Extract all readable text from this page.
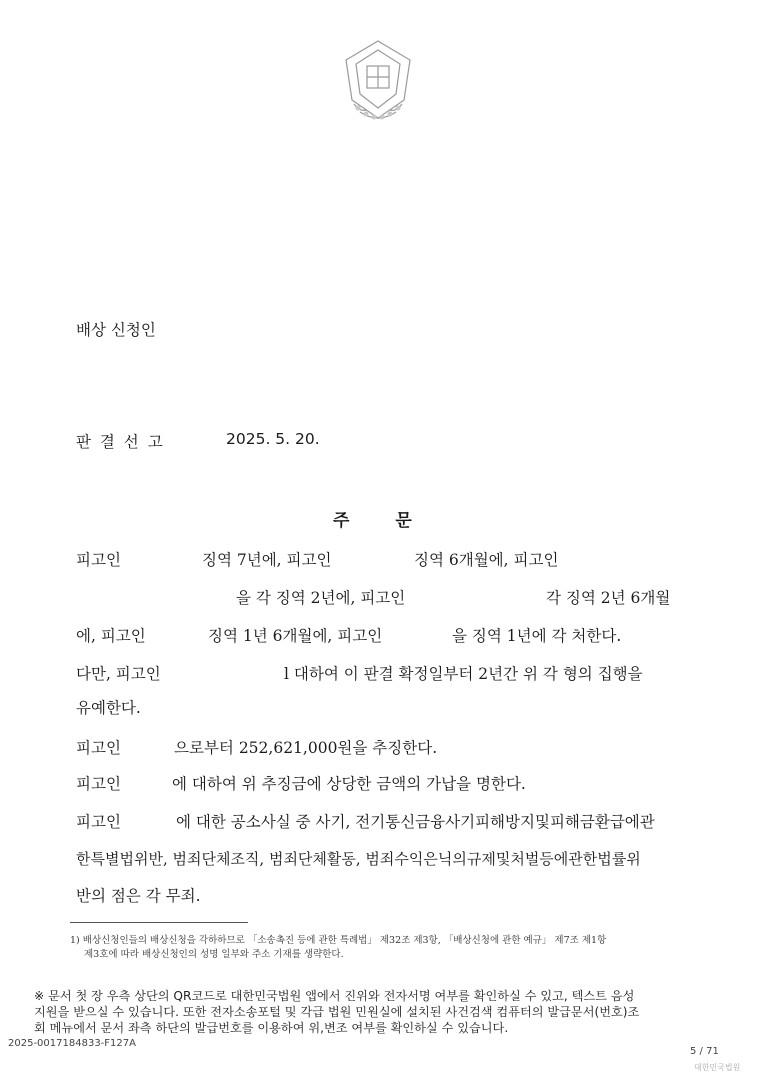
배상 신청인
판 결 선 고	2025. 5. 20.
주 문
피고인	징역 7년에, 피고인	징역 6개월에, 피고인
을 각 징역 2년에, 피고인	각 징역 2년 6개월
에, 피고인	징역 1년 6개월에, 피고인	을 징역 1년에 각 처한다.
다만, 피고인	l 대하여 이 판결 확정일부터 2년간 위 각 형의 집행을
유예한다.
피고인	으로부터 252,621,000원을 추징한다.
피고인	에 대하여 위 추징금에 상당한 금액의 가납을 명한다.
피고인	에 대한 공소사실 중 사기, 전기통신금융사기피해방지및피해금환급에관
한특별법위반, 범죄단체조직, 범죄단체활동, 범죄수익은닉의규제및처벌등에관한법률위
반의 점은 각 무죄.
1) 배상신청인들의 배상신청을 각하하므로 「소송촉진 등에 관한 특례법」 제32조 제3항, 「배상신청에 관한 예규」 제7조 제1항
제3호에 따라 배상신청인의 성명 일부와 주소 기재를 생략한다.
※ 문서 첫 장 우측 상단의 QR코드로 대한민국법원 앱에서 진위와 전자서명 여부를 확인하실 수 있고, 텍스트 음성
지원을 받으실 수 있습니다. 또한 전자소송포털 및 각급 법원 민원실에 설치된 사건검색 컴퓨터의 발급문서(번호)조
회 메뉴에서 문서 좌측 하단의 발급번호를 이용하여 위,변조 여부를 확인하실 수 있습니다.
2025-0017184833-F127A
5 / 71
대한민국법원
